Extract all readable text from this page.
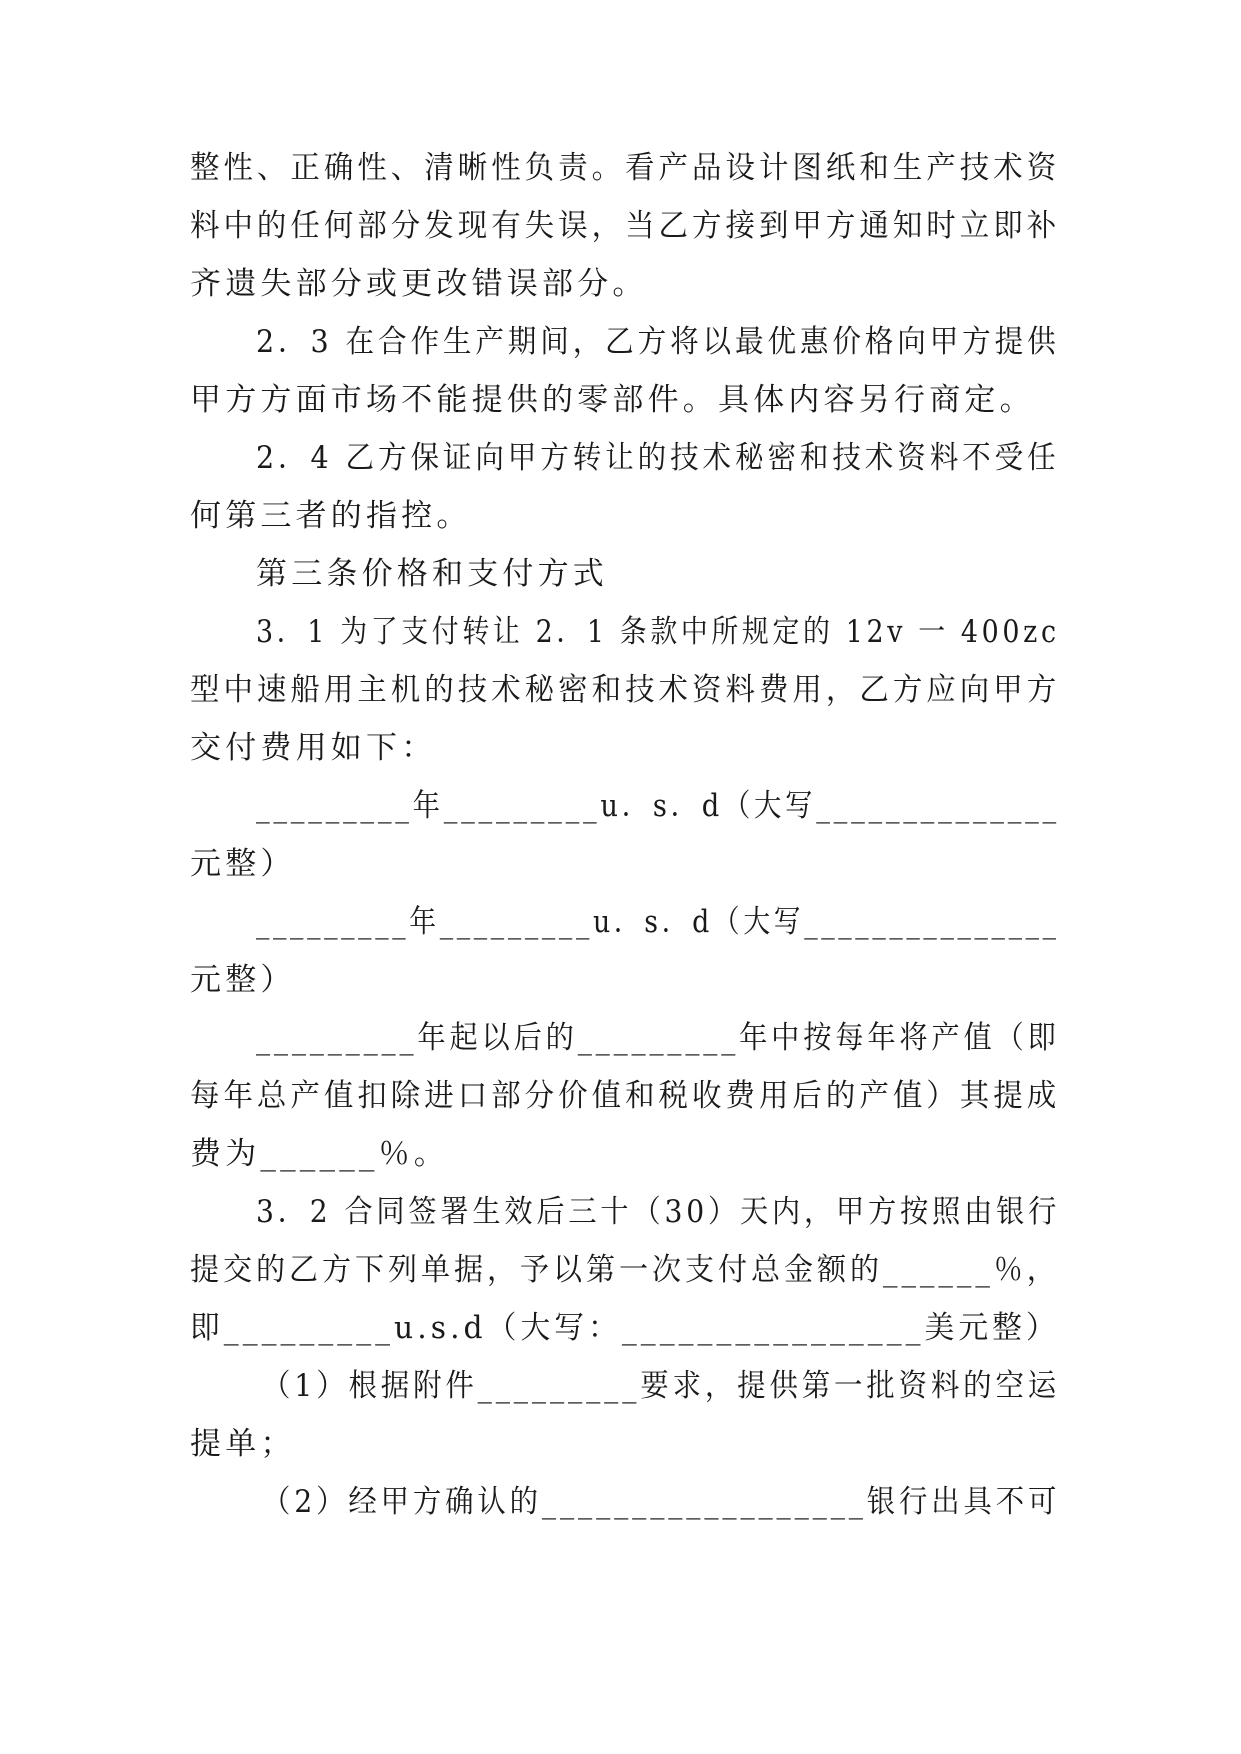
整性、正确性、清晰性负责。看产品设计图纸和生产技术资
料中的任何部分发现有失误，当乙方接到甲方通知时立即补
齐遗失部分或更改错误部分。
2．3 在合作生产期间，乙方将以最优惠价格向甲方提供
甲方方面市场不能提供的零部件。具体内容另行商定。
2．4 乙方保证向甲方转让的技术秘密和技术资料不受任
何第三者的指控。
第三条价格和支付方式
3．1 为了支付转让 2．1 条款中所规定的 12v 一 400zc
型中速船用主机的技术秘密和技术资料费用，乙方应向甲方
交付费用如下：
_________年_________u．s．d（大写______________
元整）
_________年_________u．s．d（大写_______________
元整）
_________年起以后的_________年中按每年将产值（即
每年总产值扣除进口部分价值和税收费用后的产值）其提成
费为______％。
3．2 合同签署生效后三十（30）天内，甲方按照由银行
提交的乙方下列单据，予以第一次支付总金额的______％，
即_________u.s.d（大写：________________美元整）
（1）根据附件_________要求，提供第一批资料的空运
提单；
（2）经甲方确认的__________________银行出具不可
